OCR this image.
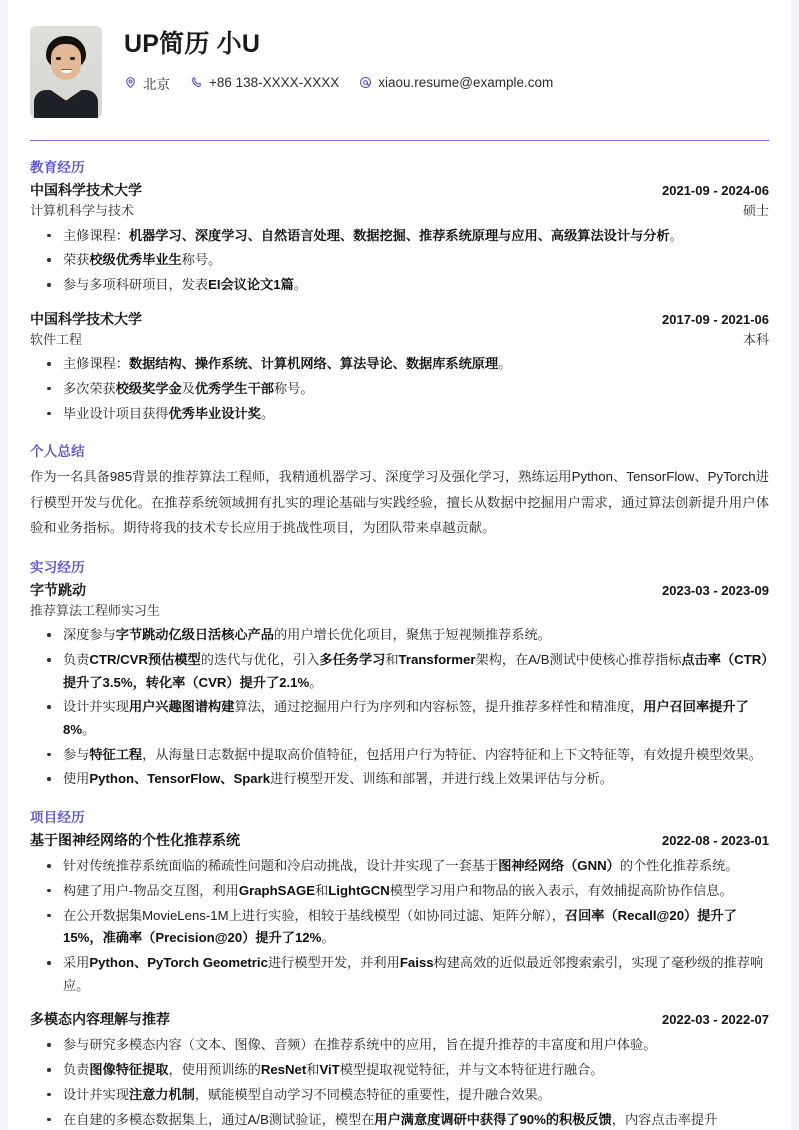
UP简历 小U
北京	+86 138-XXXX-XXXX	xiaou.resume@example.com
教育经历
中国科学技术大学	2021-09 - 2024-06
计算机科学与技术	硕士
主修课程：机器学习、深度学习、自然语言处理、数据挖掘、推荐系统原理与应用、高级算法设计与分析。
荣获校级优秀毕业生称号。
参与多项科研项目，发表EI会议论文1篇。
中国科学技术大学	2017-09 - 2021-06
软件工程	本科
主修课程：数据结构、操作系统、计算机网络、算法导论、数据库系统原理。
多次荣获校级奖学金及优秀学生干部称号。
毕业设计项目获得优秀毕业设计奖。
个人总结
作为一名具备985背景的推荐算法工程师，我精通机器学习、深度学习及强化学习，熟练运用Python、TensorFlow、PyTorch进行模型开发与优化。在推荐系统领域拥有扎实的理论基础与实践经验，擅长从数据中挖掘用户需求，通过算法创新提升用户体验和业务指标。期待将我的技术专长应用于挑战性项目，为团队带来卓越贡献。
实习经历
字节跳动	2023-03 - 2023-09
推荐算法工程师实习生
深度参与字节跳动亿级日活核心产品的用户增长优化项目，聚焦于短视频推荐系统。
负责CTR/CVR预估模型的迭代与优化，引入多任务学习和Transformer架构，在A/B测试中使核心推荐指标点击率（CTR）提升了3.5%，转化率（CVR）提升了2.1%。
设计并实现用户兴趣图谱构建算法，通过挖掘用户行为序列和内容标签，提升推荐多样性和精准度，用户召回率提升了8%。
参与特征工程，从海量日志数据中提取高价值特征，包括用户行为特征、内容特征和上下文特征等，有效提升模型效果。
使用Python、TensorFlow、Spark进行模型开发、训练和部署，并进行线上效果评估与分析。
项目经历
基于图神经网络的个性化推荐系统	2022-08 - 2023-01
针对传统推荐系统面临的稀疏性问题和冷启动挑战，设计并实现了一套基于图神经网络（GNN）的个性化推荐系统。
构建了用户-物品交互图，利用GraphSAGE和LightGCN模型学习用户和物品的嵌入表示，有效捕捉高阶协作信息。
在公开数据集MovieLens-1M上进行实验，相较于基线模型（如协同过滤、矩阵分解），召回率（Recall@20）提升了15%，准确率（Precision@20）提升了12%。
采用Python、PyTorch Geometric进行模型开发，并利用Faiss构建高效的近似最近邻搜索索引，实现了毫秒级的推荐响应。
多模态内容理解与推荐	2022-03 - 2022-07
参与研究多模态内容（文本、图像、音频）在推荐系统中的应用，旨在提升推荐的丰富度和用户体验。
负责图像特征提取，使用预训练的ResNet和ViT模型提取视觉特征，并与文本特征进行融合。
设计并实现注意力机制，赋能模型自动学习不同模态特征的重要性，提升融合效果。
在自建的多模态数据集上，通过A/B测试验证，模型在用户满意度调研中获得了90%的积极反馈，内容点击率提升
